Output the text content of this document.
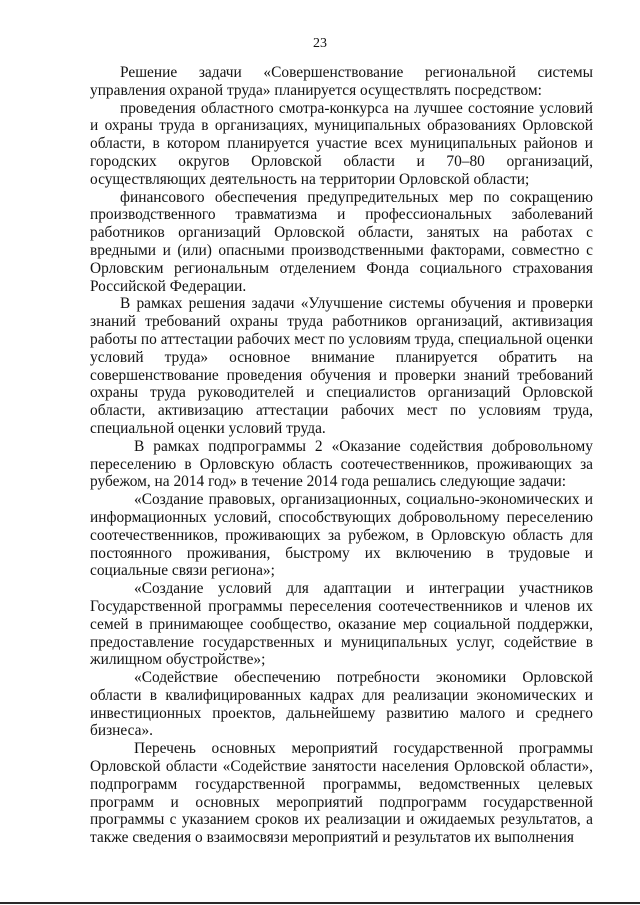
23

Решение задачи «Совершенствование региональной системы управления охраной труда» планируется осуществлять посредством:

проведения областного смотра-конкурса на лучшее состояние условий и охраны труда в организациях, муниципальных образованиях Орловской области, в котором планируется участие всех муниципальных районов и городских округов Орловской области и 70–80 организаций, осуществляющих деятельность на территории Орловской области;

финансового обеспечения предупредительных мер по сокращению производственного травматизма и профессиональных заболеваний работников организаций Орловской области, занятых на работах с вредными и (или) опасными производственными факторами, совместно с Орловским региональным отделением Фонда социального страхования Российской Федерации.

В рамках решения задачи «Улучшение системы обучения и проверки знаний требований охраны труда работников организаций, активизация работы по аттестации рабочих мест по условиям труда, специальной оценки условий труда» основное внимание планируется обратить на совершенствование проведения обучения и проверки знаний требований охраны труда руководителей и специалистов организаций Орловской области, активизацию аттестации рабочих мест по условиям труда, специальной оценки условий труда.

В рамках подпрограммы 2 «Оказание содействия добровольному переселению в Орловскую область соотечественников, проживающих за рубежом, на 2014 год» в течение 2014 года решались следующие задачи:

«Создание правовых, организационных, социально-экономических и информационных условий, способствующих добровольному переселению соотечественников, проживающих за рубежом, в Орловскую область для постоянного проживания, быстрому их включению в трудовые и социальные связи региона»;

«Создание условий для адаптации и интеграции участников Государственной программы переселения соотечественников и членов их семей в принимающее сообщество, оказание мер социальной поддержки, предоставление государственных и муниципальных услуг, содействие в жилищном обустройстве»;

«Содействие обеспечению потребности экономики Орловской области в квалифицированных кадрах для реализации экономических и инвестиционных проектов, дальнейшему развитию малого и среднего бизнеса».

Перечень основных мероприятий государственной программы Орловской области «Содействие занятости населения Орловской области», подпрограмм государственной программы, ведомственных целевых программ и основных мероприятий подпрограмм государственной программы с указанием сроков их реализации и ожидаемых результатов, а также сведения о взаимосвязи мероприятий и результатов их выполнения
